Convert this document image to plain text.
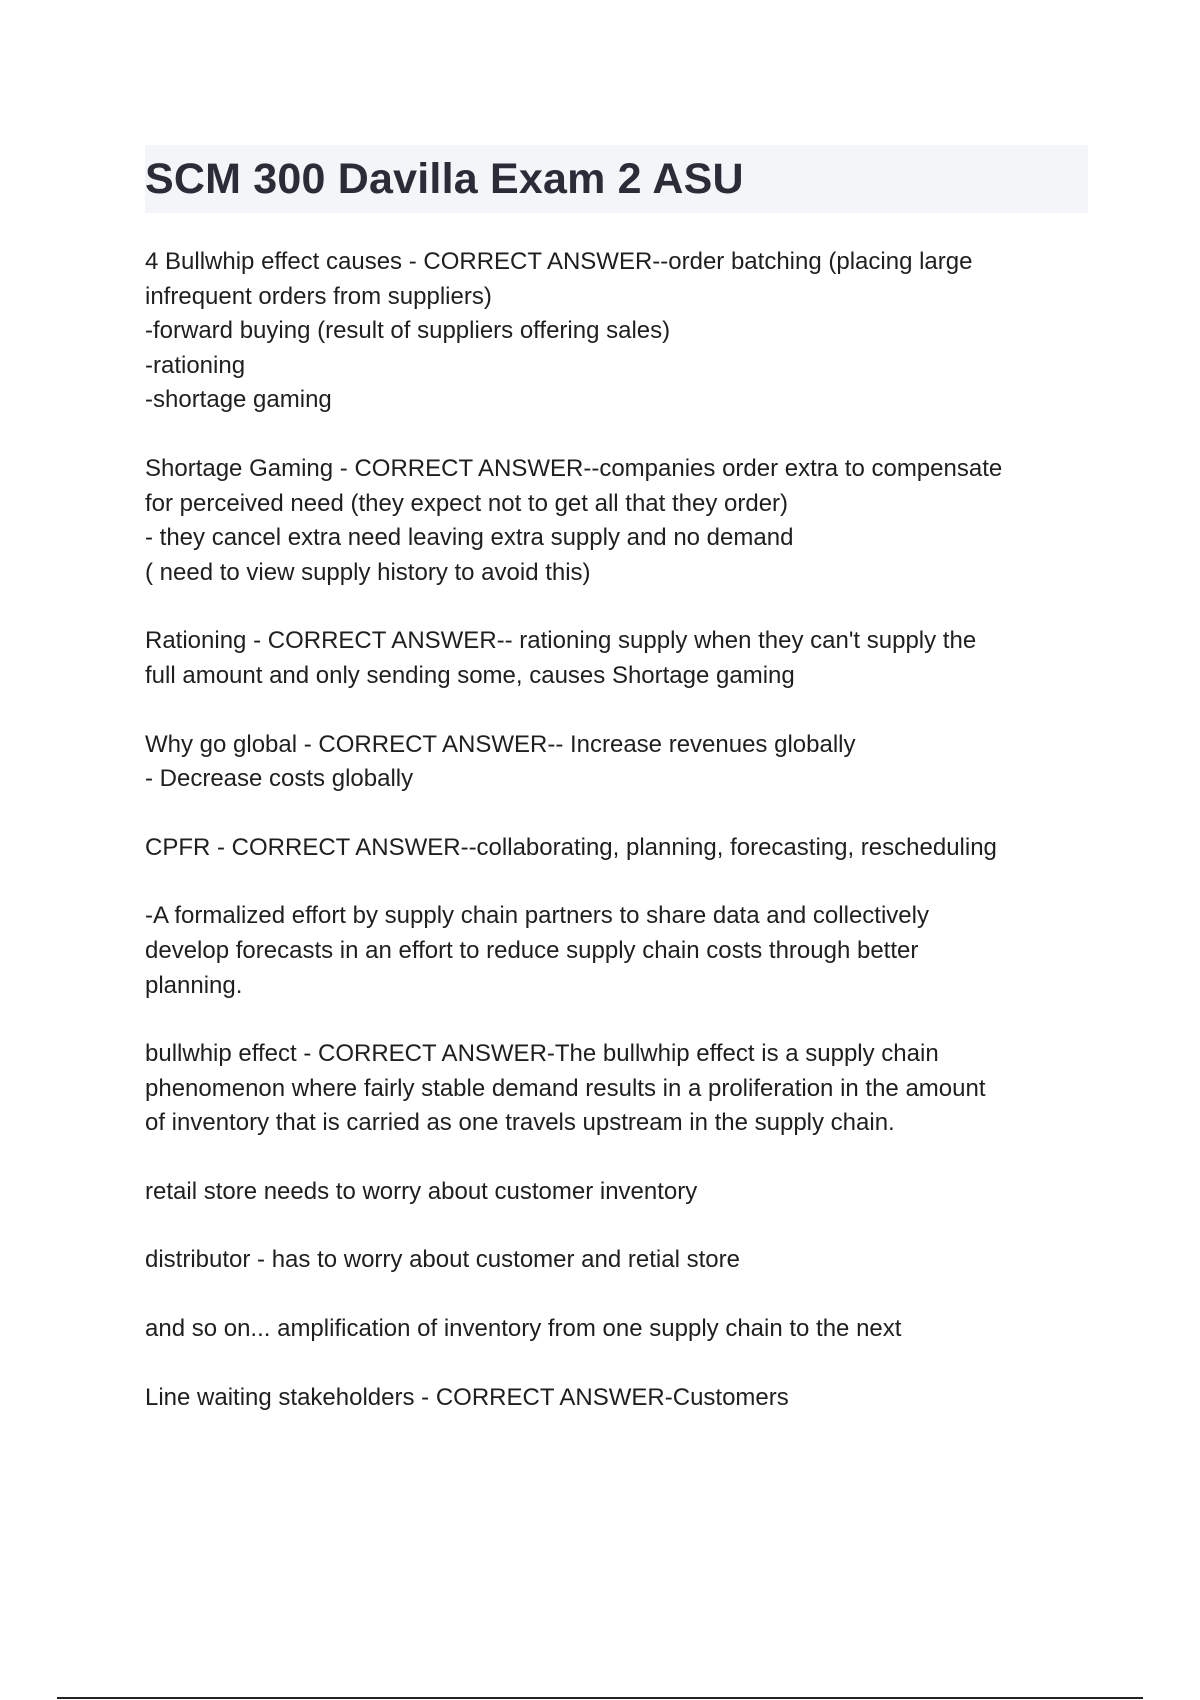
SCM 300 Davilla Exam 2 ASU
4 Bullwhip effect causes - CORRECT ANSWER--order batching (placing large
infrequent orders from suppliers)
-forward buying (result of suppliers offering sales)
-rationing
-shortage gaming
Shortage Gaming - CORRECT ANSWER--companies order extra to compensate
for perceived need (they expect not to get all that they order)
- they cancel extra need leaving extra supply and no demand
( need to view supply history to avoid this)
Rationing - CORRECT ANSWER-- rationing supply when they can't supply the
full amount and only sending some, causes Shortage gaming
Why go global - CORRECT ANSWER-- Increase revenues globally
- Decrease costs globally
CPFR - CORRECT ANSWER--collaborating, planning, forecasting, rescheduling
-A formalized effort by supply chain partners to share data and collectively
develop forecasts in an effort to reduce supply chain costs through better
planning.
bullwhip effect - CORRECT ANSWER-The bullwhip effect is a supply chain
phenomenon where fairly stable demand results in a proliferation in the amount
of inventory that is carried as one travels upstream in the supply chain.
retail store needs to worry about customer inventory
distributor - has to worry about customer and retial store
and so on... amplification of inventory from one supply chain to the next
Line waiting stakeholders - CORRECT ANSWER-Customers
